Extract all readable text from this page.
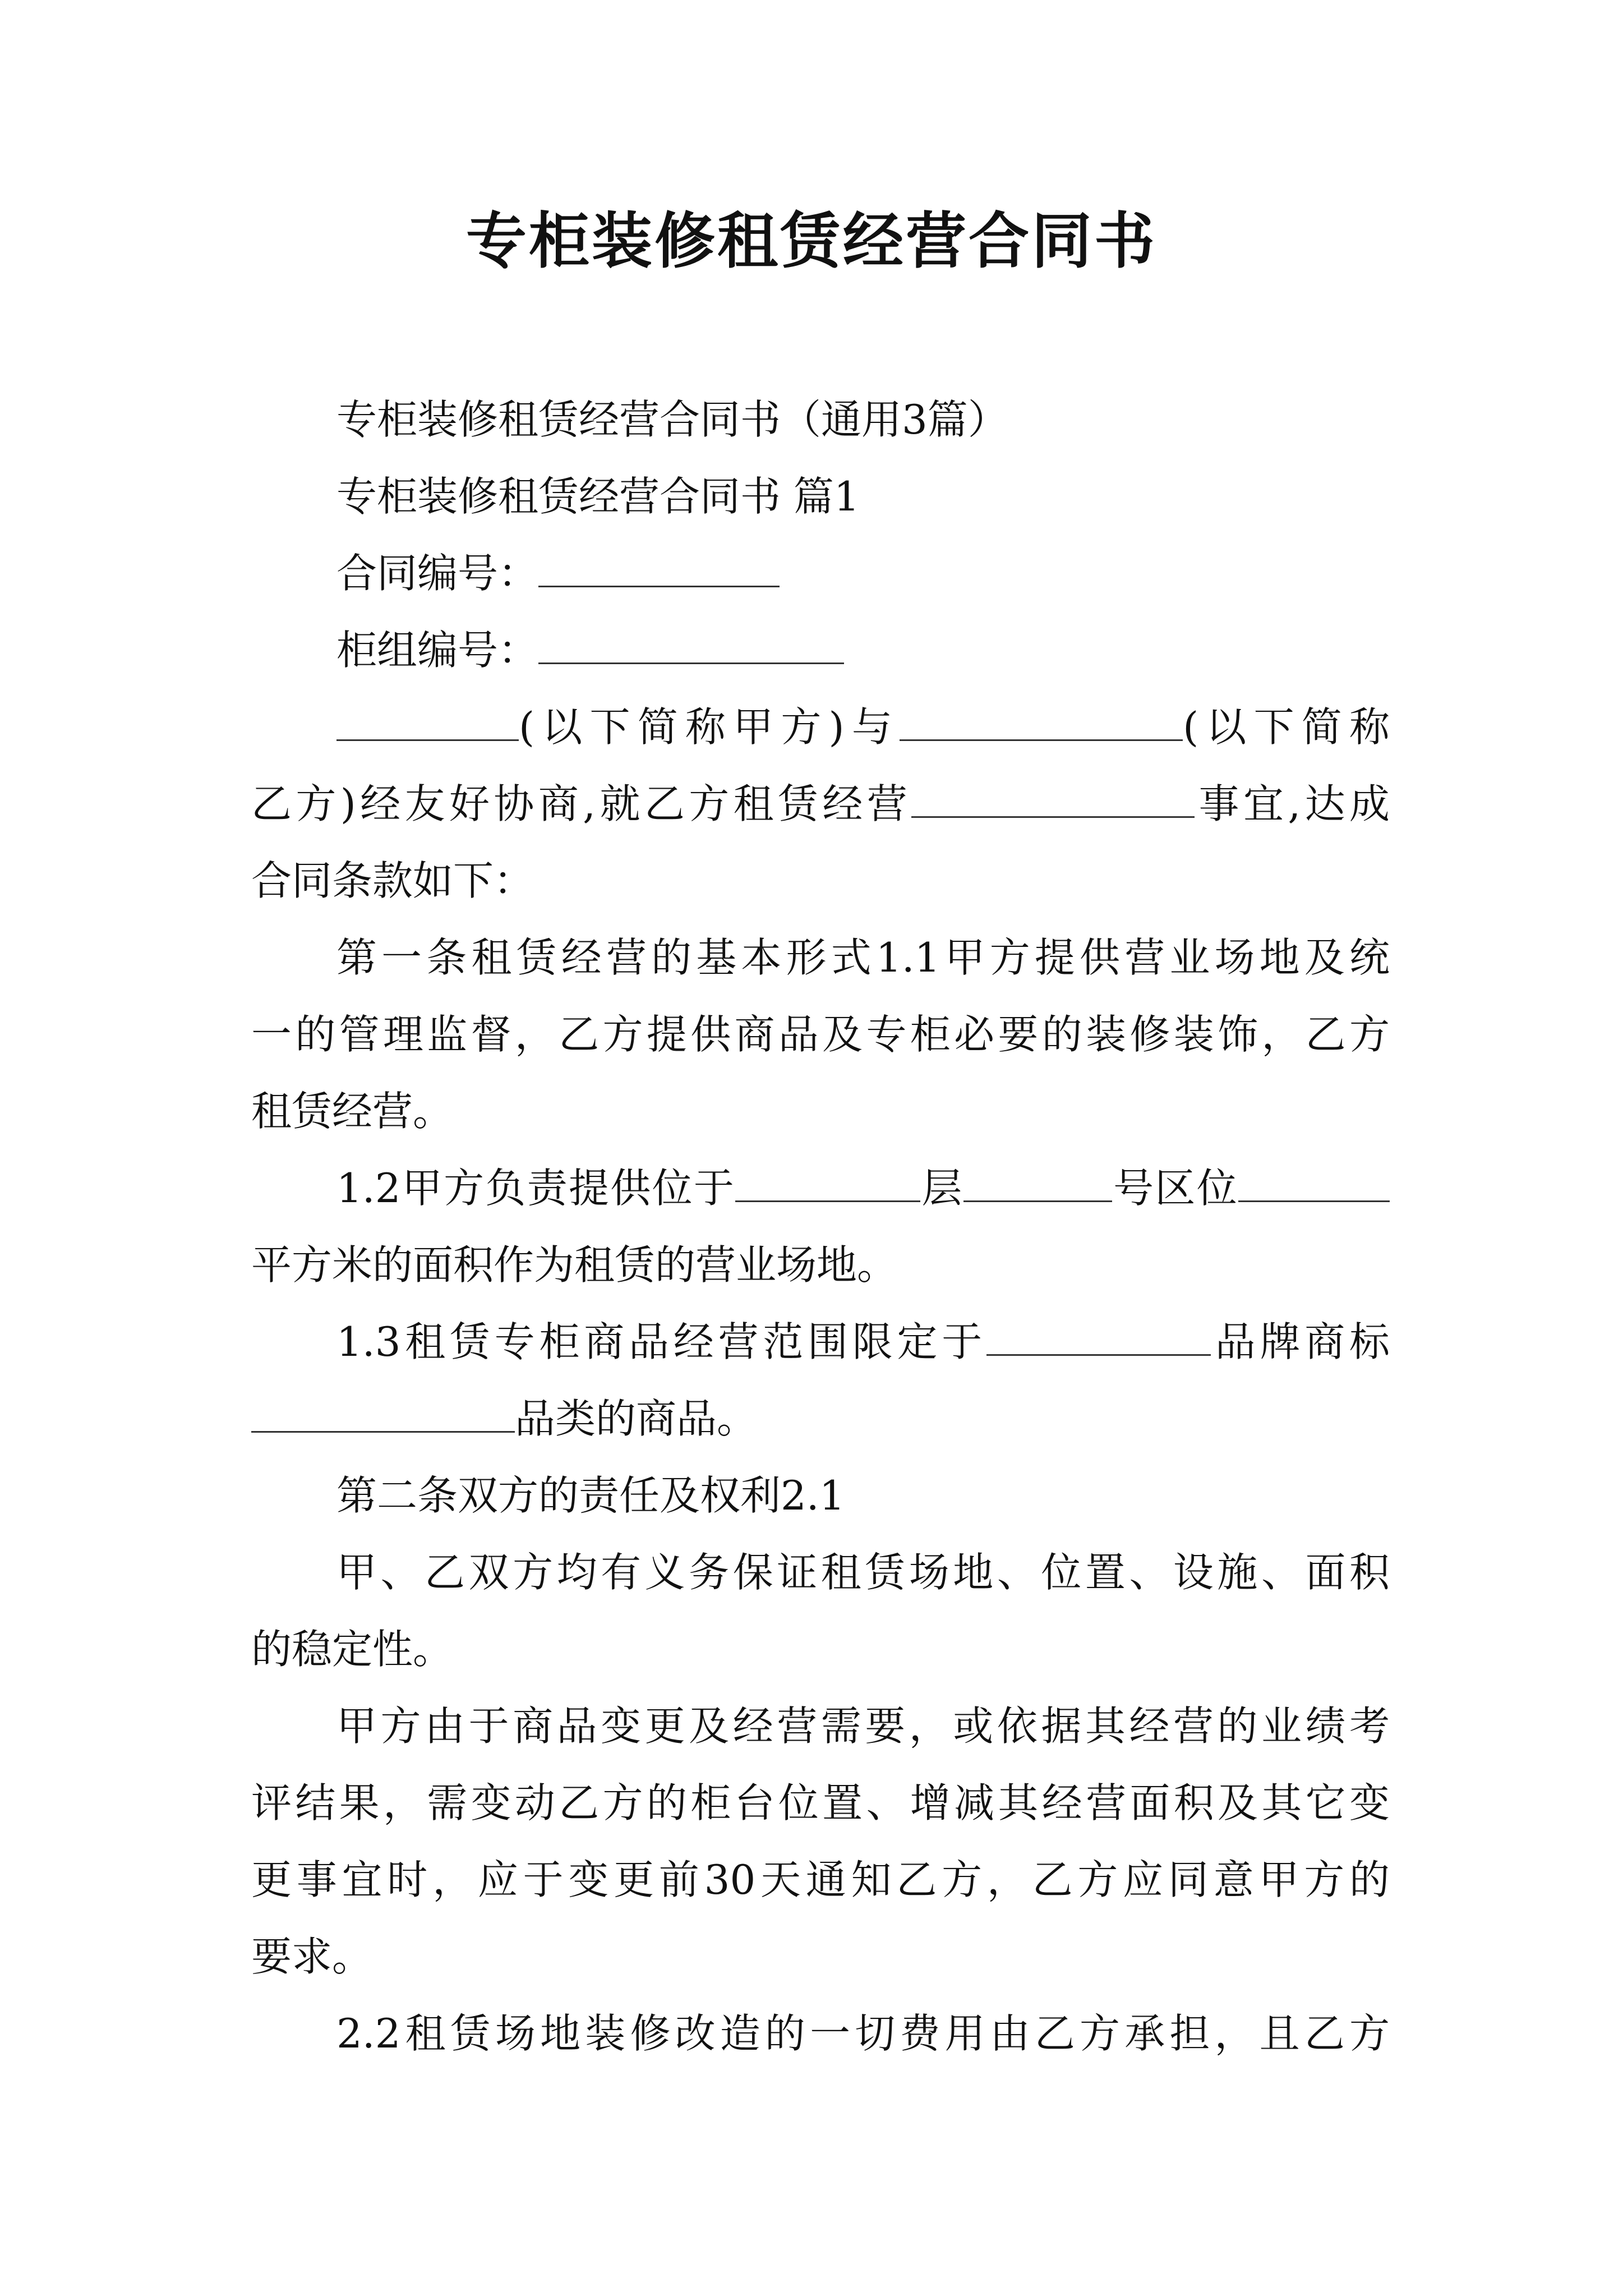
专柜装修租赁经营合同书
专柜装修租赁经营合同书（通用3篇）
专柜装修租赁经营合同书 篇1
合同编号：
柜组编号：
(以下简称甲方)与	(以下简称
乙方)经友好协商,就乙方租赁经营	事宜,达成
合同条款如下：
第一条租赁经营的基本形式1.1甲方提供营业场地及统
一的管理监督，乙方提供商品及专柜必要的装修装饰，乙方
租赁经营。
1.2甲方负责提供位于	层	号区位
平方米的面积作为租赁的营业场地。
1.3租赁专柜商品经营范围限定于	品牌商标
品类的商品。
第二条双方的责任及权利2.1
甲、乙双方均有义务保证租赁场地、位置、设施、面积
的稳定性。
甲方由于商品变更及经营需要，或依据其经营的业绩考
评结果，需变动乙方的柜台位置、增减其经营面积及其它变
更事宜时，应于变更前30天通知乙方，乙方应同意甲方的
要求。
2.2租赁场地装修改造的一切费用由乙方承担，且乙方
